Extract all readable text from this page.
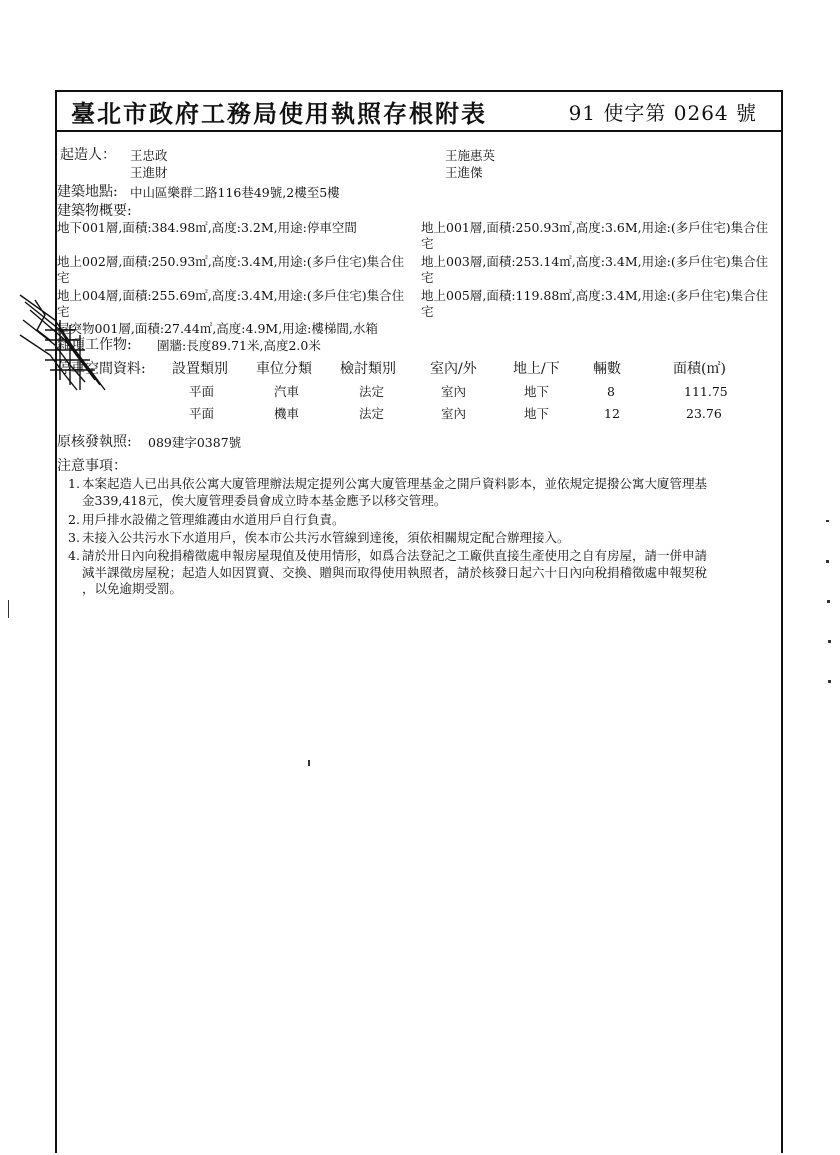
臺北市政府工務局使用執照存根附表	91 使字第 0264 號
起造人： 王忠政	王施惠英
王進財	王進傑
建築地點: 中山區樂群二路116巷49號,2樓至5樓
建築物概要:
地下001層,面積:384.98㎡,高度:3.2M,用途:停車空間	地上001層,面積:250.93㎡,高度:3.6M,用途:(多戶住宅)集合住
宅
地上002層,面積:250.93㎡,高度:3.4M,用途:(多戶住宅)集合住
宅
地上003層,面積:253.14㎡,高度:3.4M,用途:(多戶住宅)集合住
宅
地上004層,面積:255.69㎡,高度:3.4M,用途:(多戶住宅)集合住
宅
地上005層,面積:119.88㎡,高度:3.4M,用途:(多戶住宅)集合住
宅
屋突物001層,面積:27.44㎡,高度:4.9M,用途:樓梯間,水箱
雜項工作物: 圍牆:長度89.71米,高度2.0米
停車空間資料: 設置類別 車位分類 檢討類別 室內/外	地上/下 輛數	面積(㎡)
平面	汽車	法定	室內	地下	8	111.75
平面	機車	法定	室內	地下	12	23.76
原核發執照: 089建字0387號
注意事項：
1. 本案起造人已出具依公寓大廈管理辦法規定提列公寓大廈管理基金之開戶資料影本，並依規定提撥公寓大廈管理基
金339,418元，俟大廈管理委員會成立時本基金應予以移交管理。
2. 用戶排水設備之管理維護由水道用戶自行負責。
3. 未接入公共污水下水道用戶，俟本市公共污水管線到達後，須依相關規定配合辦理接入。
4. 請於卅日內向稅捐稽徵處申報房屋現值及使用情形，如爲合法登記之工廠供直接生產使用之自有房屋，請一併申請
減半課徵房屋稅；起造人如因買賣、交換、贈與而取得使用執照者，請於核發日起六十日內向稅捐稽徵處申報契稅
，以免逾期受罰。
